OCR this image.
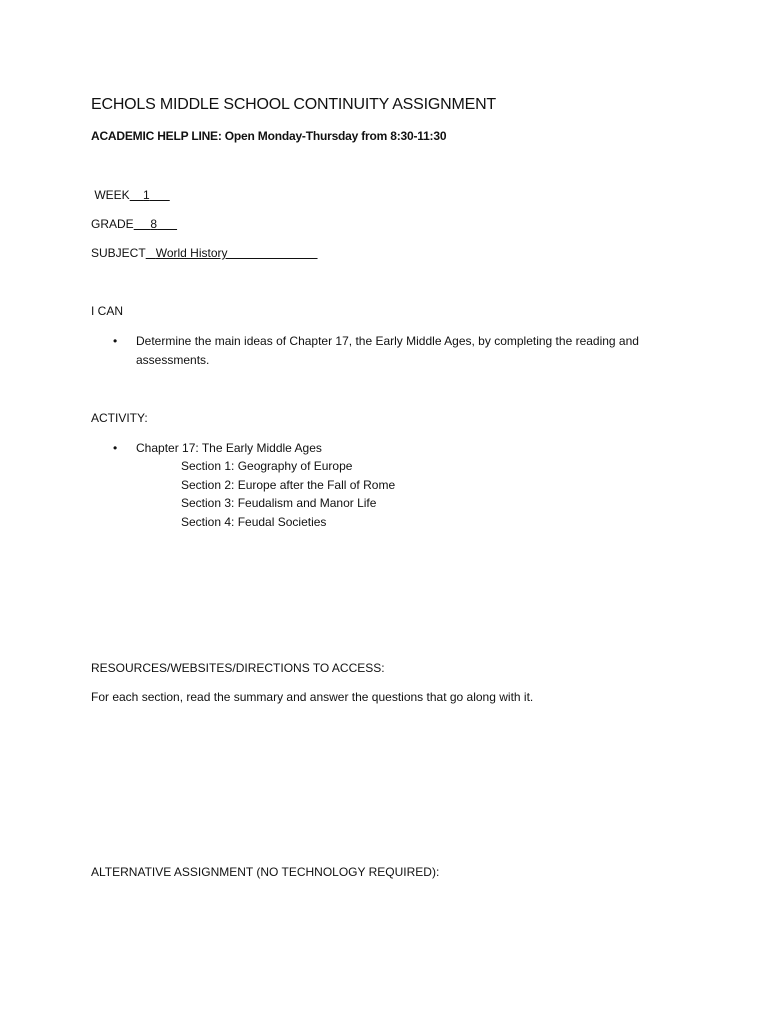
ECHOLS MIDDLE SCHOOL CONTINUITY ASSIGNMENT
ACADEMIC HELP LINE: Open Monday-Thursday from 8:30-11:30
WEEK 1
GRADE 8
SUBJECT World History
I CAN
• Determine the main ideas of Chapter 17, the Early Middle Ages, by completing the reading and assessments.
ACTIVITY:
• Chapter 17: The Early Middle Ages
Section 1: Geography of Europe
Section 2: Europe after the Fall of Rome
Section 3: Feudalism and Manor Life
Section 4: Feudal Societies
RESOURCES/WEBSITES/DIRECTIONS TO ACCESS:
For each section, read the summary and answer the questions that go along with it.
ALTERNATIVE ASSIGNMENT (NO TECHNOLOGY REQUIRED):
